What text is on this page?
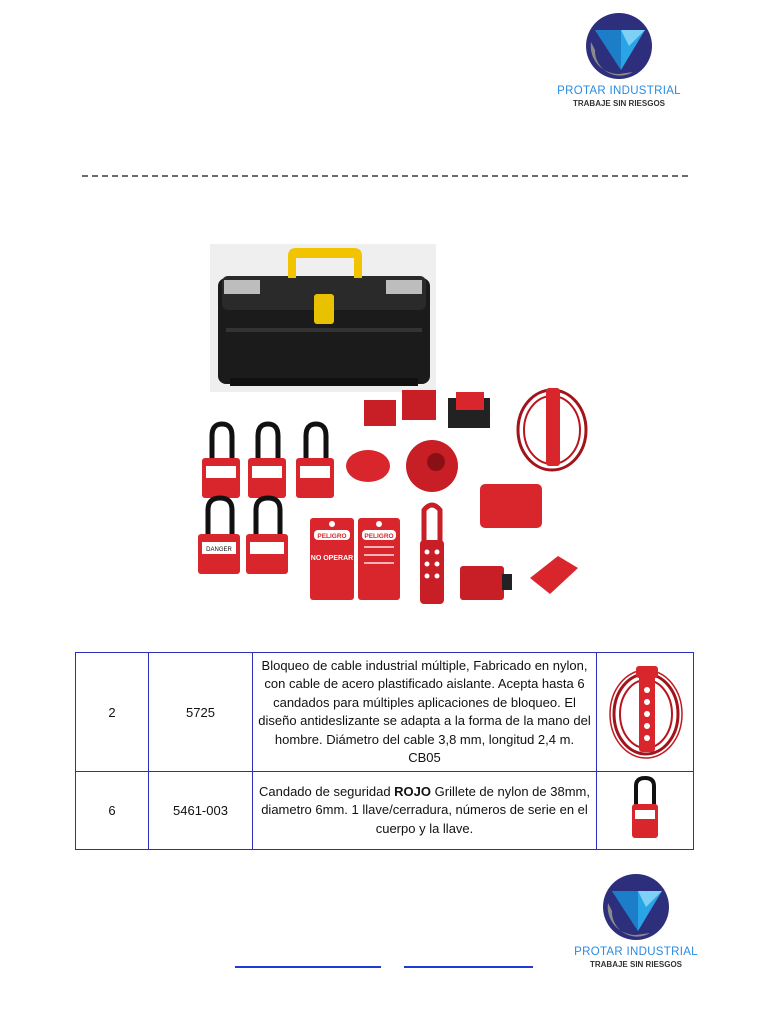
PROTAR INDUSTRIAL
TRABAJE SIN RIESGOS
DANGER
PELIGRO
NO OPERAR
PELIGRO
2	5725	Bloqueo de cable industrial múltiple, Fabricado en nylon, con cable de acero plastificado aislante. Acepta hasta 6 candados para múltiples aplicaciones de bloqueo. El diseño antideslizante se adapta a la forma de la mano del hombre. Diámetro del cable 3,8 mm, longitud 2,4 m. CB05	
6	5461-003	Candado de seguridad ROJO Grillete de nylon de 38mm, diametro 6mm. 1 llave/cerradura, números de serie en el cuerpo y la llave.	
PROTAR INDUSTRIAL
TRABAJE SIN RIESGOS
